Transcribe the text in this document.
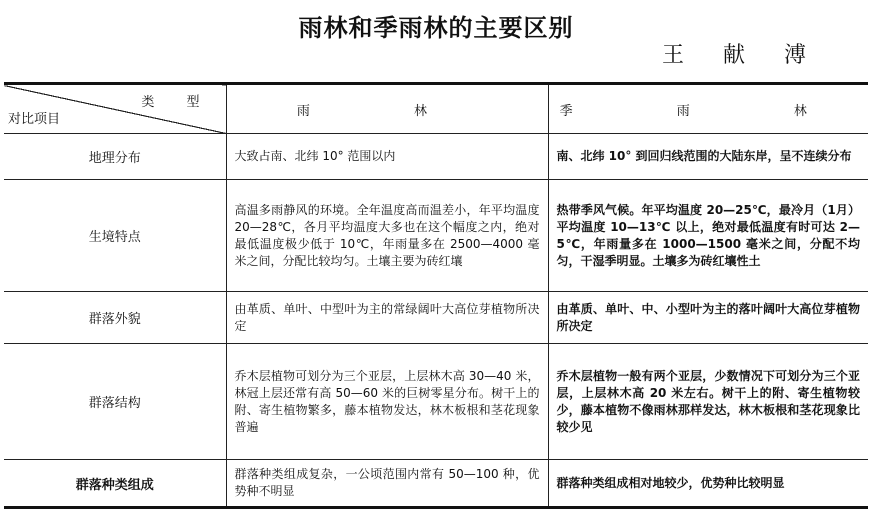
雨林和季雨林的主要区别
王 献 溥
类 型
对比项目	雨 林	季 雨 林
地理分布	大致占南、北纬 10° 范围以内	南、北纬 10° 到回归线范围的大陆东岸，呈不连续分布
生境特点	高温多雨静风的环境。全年温度高而温差小，年平均温度 20—28℃，各月平均温度大多也在这个幅度之内，绝对最低温度极少低于 10℃，年雨量多在 2500—4000 毫米之间，分配比较均匀。土壤主要为砖红壤	热带季风气候。年平均温度 20—25℃，最冷月（1月）平均温度 10—13℃ 以上，绝对最低温度有时可达 2—5℃，年雨量多在 1000—1500 毫米之间，分配不均匀，干湿季明显。土壤多为砖红壤性土
群落外貌	由革质、单叶、中型叶为主的常绿阔叶大高位芽植物所决定	由革质、单叶、中、小型叶为主的落叶阔叶大高位芽植物所决定
群落结构	乔木层植物可划分为三个亚层，上层林木高 30—40 米，林冠上层还常有高 50—60 米的巨树零星分布。树干上的附、寄生植物繁多，藤本植物发达，林木板根和茎花现象普遍	乔木层植物一般有两个亚层，少数情况下可划分为三个亚层，上层林木高 20 米左右。树干上的附、寄生植物较少，藤本植物不像雨林那样发达，林木板根和茎花现象比较少见
群落种类组成	群落种类组成复杂，一公顷范围内常有 50—100 种，优势种不明显	群落种类组成相对地较少，优势种比较明显
